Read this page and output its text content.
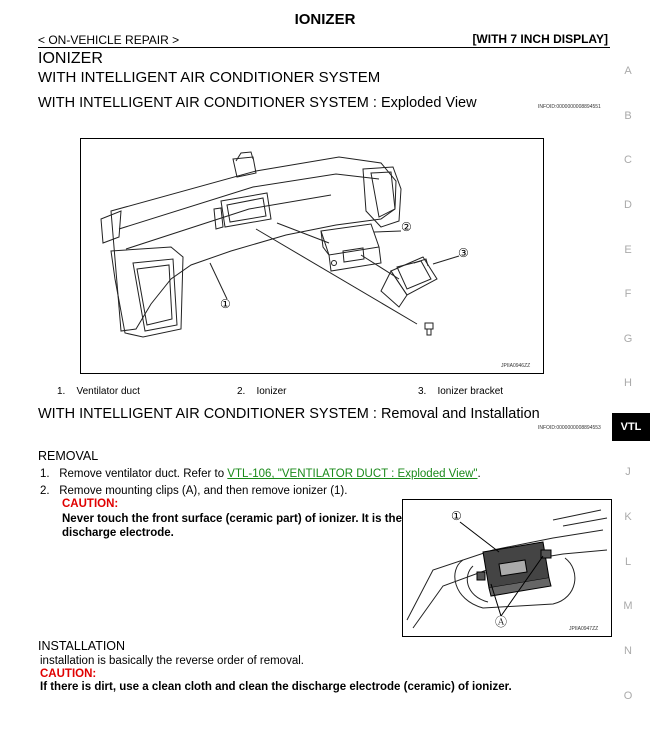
IONIZER
< ON-VEHICLE REPAIR >	[WITH 7 INCH DISPLAY]
IONIZER
WITH INTELLIGENT AIR CONDITIONER SYSTEM
WITH INTELLIGENT AIR CONDITIONER SYSTEM : Exploded View	INFOID:0000000008894551
①
②
③
JPIIA0946ZZ
1. Ventilator duct	2. Ionizer	3. Ionizer bracket
WITH INTELLIGENT AIR CONDITIONER SYSTEM : Removal and Installation
INFOID:0000000008894553
REMOVAL
1. Remove ventilator duct. Refer to VTL-106, "VENTILATOR DUCT : Exploded View".
2. Remove mounting clips (A), and then remove ionizer (1).
CAUTION:
Never touch the front surface (ceramic part) of ionizer. It is the discharge electrode.
①
Ⓐ	JPIIA0947ZZ
INSTALLATION
installation is basically the reverse order of removal.
CAUTION:
If there is dirt, use a clean cloth and clean the discharge electrode (ceramic) of ionizer.
A
B
C
D
E
F
G
H
VTL
J
K
L
M
N
O
